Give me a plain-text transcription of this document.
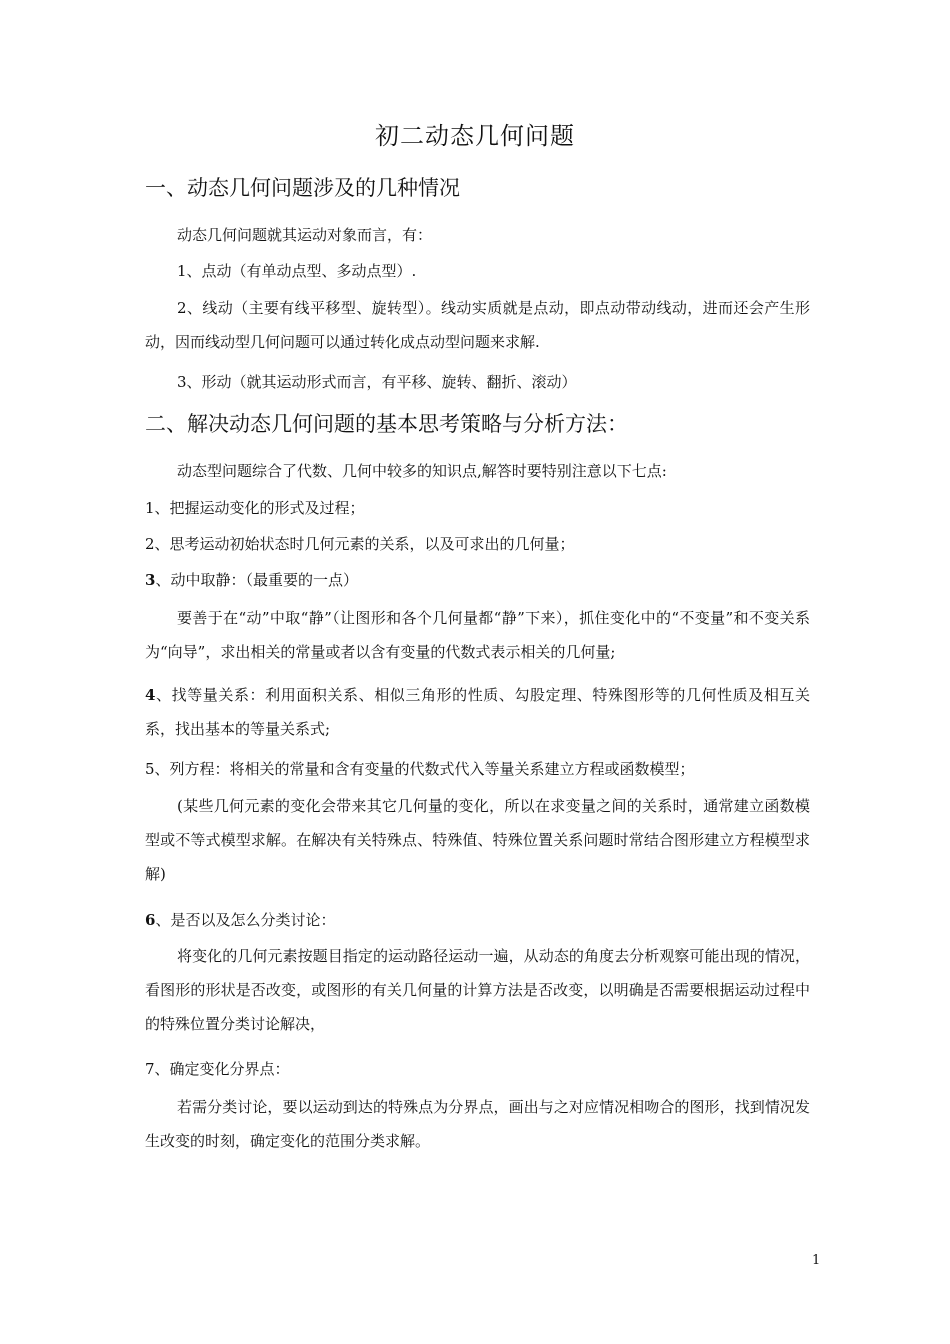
初二动态几何问题
一、动态几何问题涉及的几种情况

动态几何问题就其运动对象而言，有：

1、点动（有单动点型、多动点型）.

2、线动（主要有线平移型、旋转型）。线动实质就是点动，即点动带动线动，进而还会产生形动，因而线动型几何问题可以通过转化成点动型问题来求解.

3、形动（就其运动形式而言，有平移、旋转、翻折、滚动）

二、解决动态几何问题的基本思考策略与分析方法：

动态型问题综合了代数、几何中较多的知识点,解答时要特别注意以下七点:

1、把握运动变化的形式及过程；

2、思考运动初始状态时几何元素的关系，以及可求出的几何量；

3、动中取静：（最重要的一点）

要善于在“动”中取“静”（让图形和各个几何量都“静”下来），抓住变化中的“不变量”和不变关系为“向导”，求出相关的常量或者以含有变量的代数式表示相关的几何量;

4、找等量关系：利用面积关系、相似三角形的性质、勾股定理、特殊图形等的几何性质及相互关系，找出基本的等量关系式;

5、列方程：将相关的常量和含有变量的代数式代入等量关系建立方程或函数模型；

(某些几何元素的变化会带来其它几何量的变化，所以在求变量之间的关系时，通常建立函数模型或不等式模型求解。在解决有关特殊点、特殊值、特殊位置关系问题时常结合图形建立方程模型求解)

6、是否以及怎么分类讨论：

将变化的几何元素按题目指定的运动路径运动一遍，从动态的角度去分析观察可能出现的情况，看图形的形状是否改变，或图形的有关几何量的计算方法是否改变，以明确是否需要根据运动过程中的特殊位置分类讨论解决，

7、确定变化分界点：

若需分类讨论，要以运动到达的特殊点为分界点，画出与之对应情况相吻合的图形，找到情况发生改变的时刻，确定变化的范围分类求解。

1
